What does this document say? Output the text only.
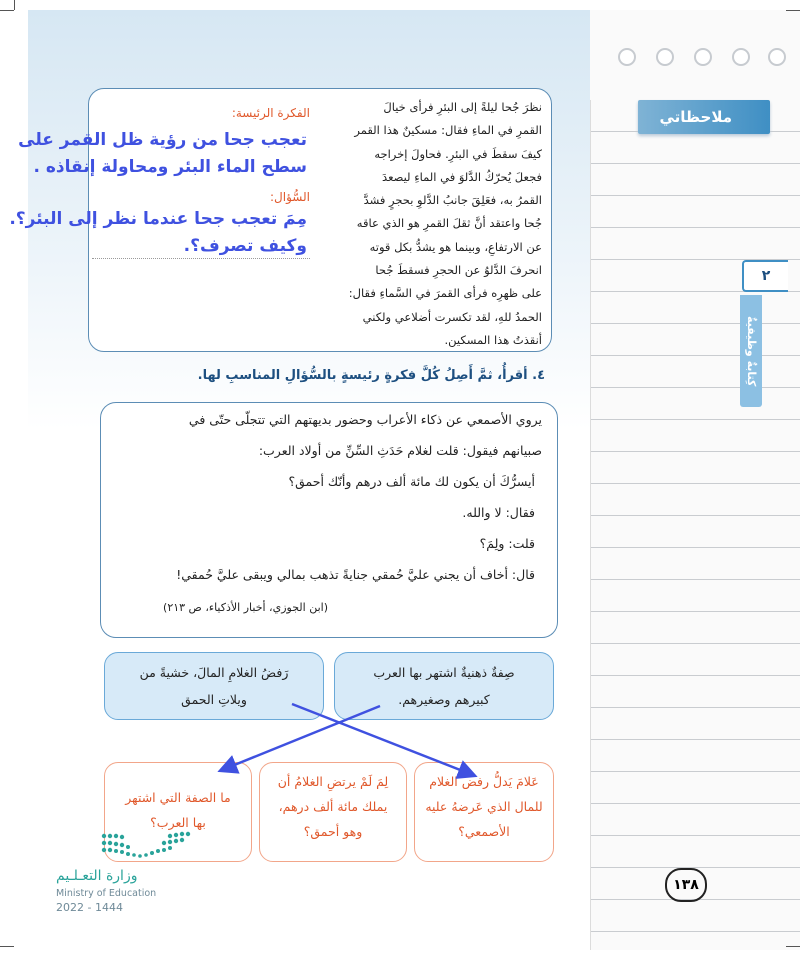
ملاحظاتي
٢
كِتابةٌ وظيفيةٌ
نظرَ جُحا ليلةً إلى البئرِ فرأى خيالَ
القمرِ في الماءِ فقال: مسكينٌ هذا القمر
كيفَ سقطَ في البئرِ. فحاولَ إخراجه
فجعلَ يُحرّكُ الدَّلوَ في الماءِ ليصعدَ
القمرُ به، فعَلِقَ جانبُ الدَّلوِ بحجرٍ فشدَّ
جُحا واعتقد أنَّ ثقلَ القمرِ هو الذي عاقه
عن الارتفاعِ، وبينما هو يشدُّ بكل قوته
انحرفَ الدَّلوُ عن الحجرِ فسقطَ جُحا
على ظهرِه فرأى القمرَ في السَّماءِ فقال:
الحمدُ للهِ، لقد تكسرت أضلاعي ولكني
أنقذتُ هذا المسكين.
الفكرة الرئيسة:
تعجب جحا من رؤية ظل القمر على
سطح الماء البئر ومحاولة إنقاذه .
السُّؤال:
مِمَ تعجب جحا عندما نظر إلى البئر؟.
وكيف تصرف؟.
٤. أقرأُ، ثمَّ أَصِلُ كُلَّ فكرةٍ رئيسةٍ بالسُّؤالِ المناسبِ لها.
يروي الأصمعي عن ذكاء الأعراب وحضور بديهتهم التي تتجلّى حتّى في
صبيانهم فيقول: قلت لغلام حَدَثِ السِّنِّ من أولاد العرب:
أيسرُّكَ أن يكون لك مائة ألف درهم وأنّك أحمق؟
فقال: لا والله.
قلت: ولِمَ؟
قال: أخاف أن يجني عليَّ حُمقي جنايةً تذهب بمالي ويبقى عليَّ حُمقي!
(ابن الجوزي، أخبار الأذكياء، ص ٢١٣)
صِفةٌ ذهنيةٌ اشتهر بها العرب
كبيرهم وصغيرهم.
رَفضُ الغلامِ المالَ، خشيةً من
ويلاتِ الحمق
عَلامَ يَدلُّ رفض الغلام
للمال الذي عَرضهُ عليه
الأصمعي؟
لِمَ لَمْ يرتضِ الغلامُ أن
يملك مائة ألف درهم،
وهو أحمق؟
ما الصفة التي اشتهر
بها العرب؟
وزارة التعـلـيم
Ministry of Education
2022 - 1444
١٣٨
